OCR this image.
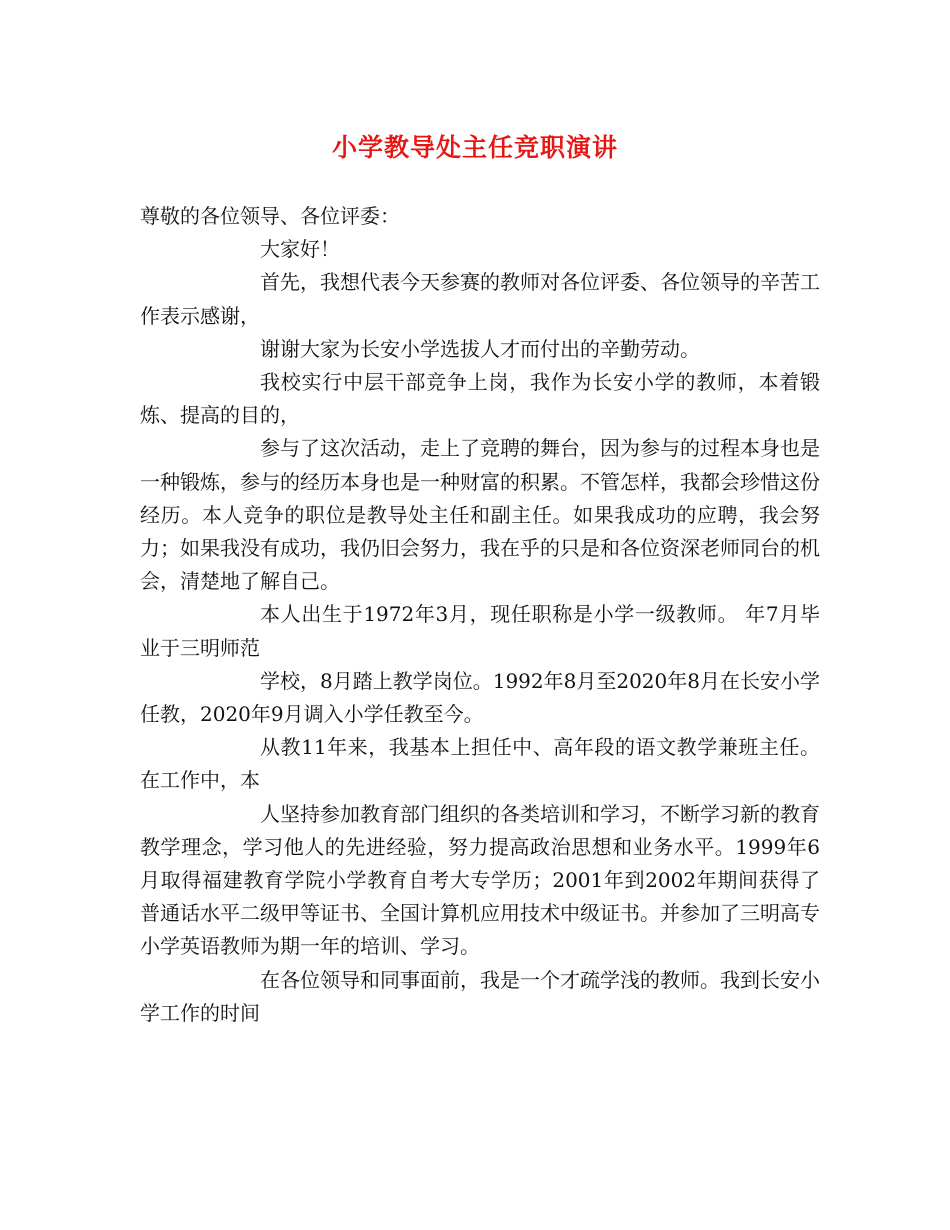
小学教导处主任竞职演讲

尊敬的各位领导、各位评委：

大家好！

首先，我想代表今天参赛的教师对各位评委、各位领导的辛苦工作表示感谢，

谢谢大家为长安小学选拔人才而付出的辛勤劳动。

我校实行中层干部竞争上岗，我作为长安小学的教师，本着锻炼、提高的目的，

参与了这次活动，走上了竞聘的舞台，因为参与的过程本身也是一种锻炼，参与的经历本身也是一种财富的积累。不管怎样，我都会珍惜这份经历。本人竞争的职位是教导处主任和副主任。如果我成功的应聘，我会努力；如果我没有成功，我仍旧会努力，我在乎的只是和各位资深老师同台的机会，清楚地了解自己。

本人出生于1972年3月，现任职称是小学一级教师。 年7月毕业于三明师范

学校，8月踏上教学岗位。1992年8月至2020年8月在长安小学任教，2020年9月调入小学任教至今。

从教11年来，我基本上担任中、高年段的语文教学兼班主任。在工作中，本

人坚持参加教育部门组织的各类培训和学习，不断学习新的教育教学理念，学习他人的先进经验，努力提高政治思想和业务水平。1999年6月取得福建教育学院小学教育自考大专学历；2001年到2002年期间获得了普通话水平二级甲等证书、全国计算机应用技术中级证书。并参加了三明高专小学英语教师为期一年的培训、学习。

在各位领导和同事面前，我是一个才疏学浅的教师。我到长安小学工作的时间
